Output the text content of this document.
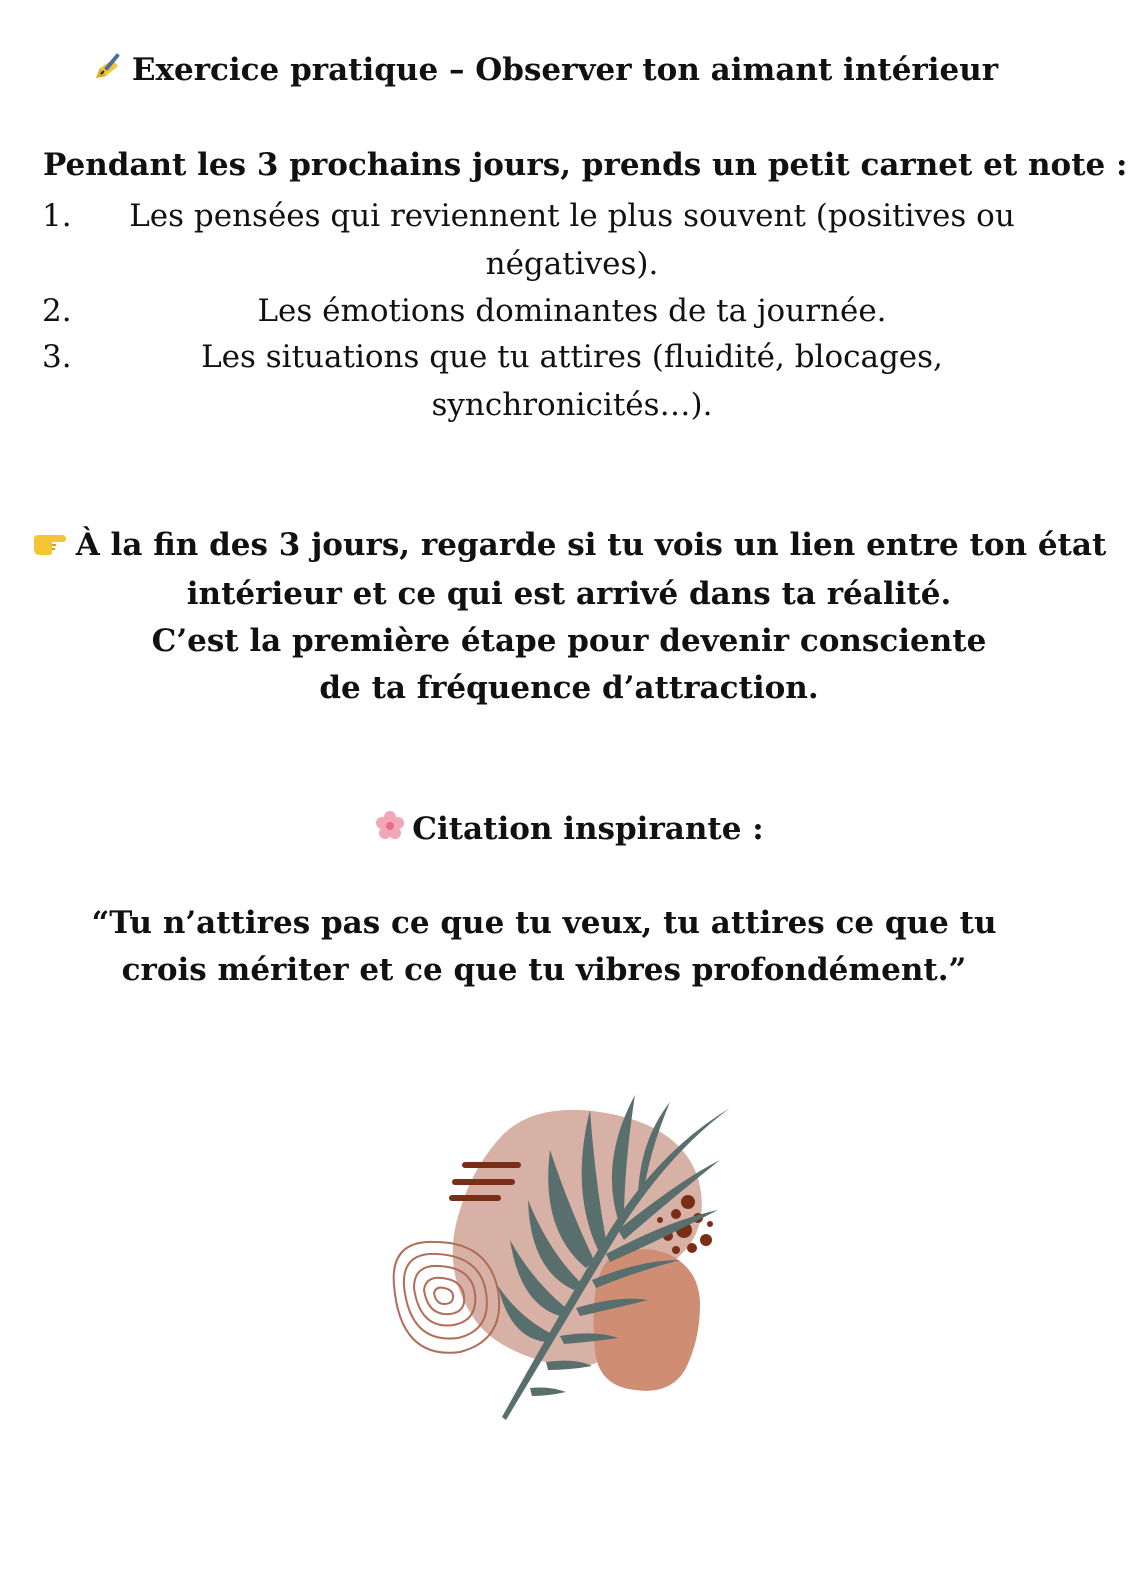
Exercice pratique – Observer ton aimant intérieur
Pendant les 3 prochains jours, prends un petit carnet et note :
1.	Les pensées qui reviennent le plus souvent (positives ou négatives).
2.	Les émotions dominantes de ta journée.
3.	Les situations que tu attires (fluidité, blocages, synchronicités…).
À la fin des 3 jours, regarde si tu vois un lien entre ton état
intérieur et ce qui est arrivé dans ta réalité.
C’est la première étape pour devenir consciente
de ta fréquence d’attraction.
Citation inspirante :
“Tu n’attires pas ce que tu veux, tu attires ce que tu
crois mériter et ce que tu vibres profondément.”
